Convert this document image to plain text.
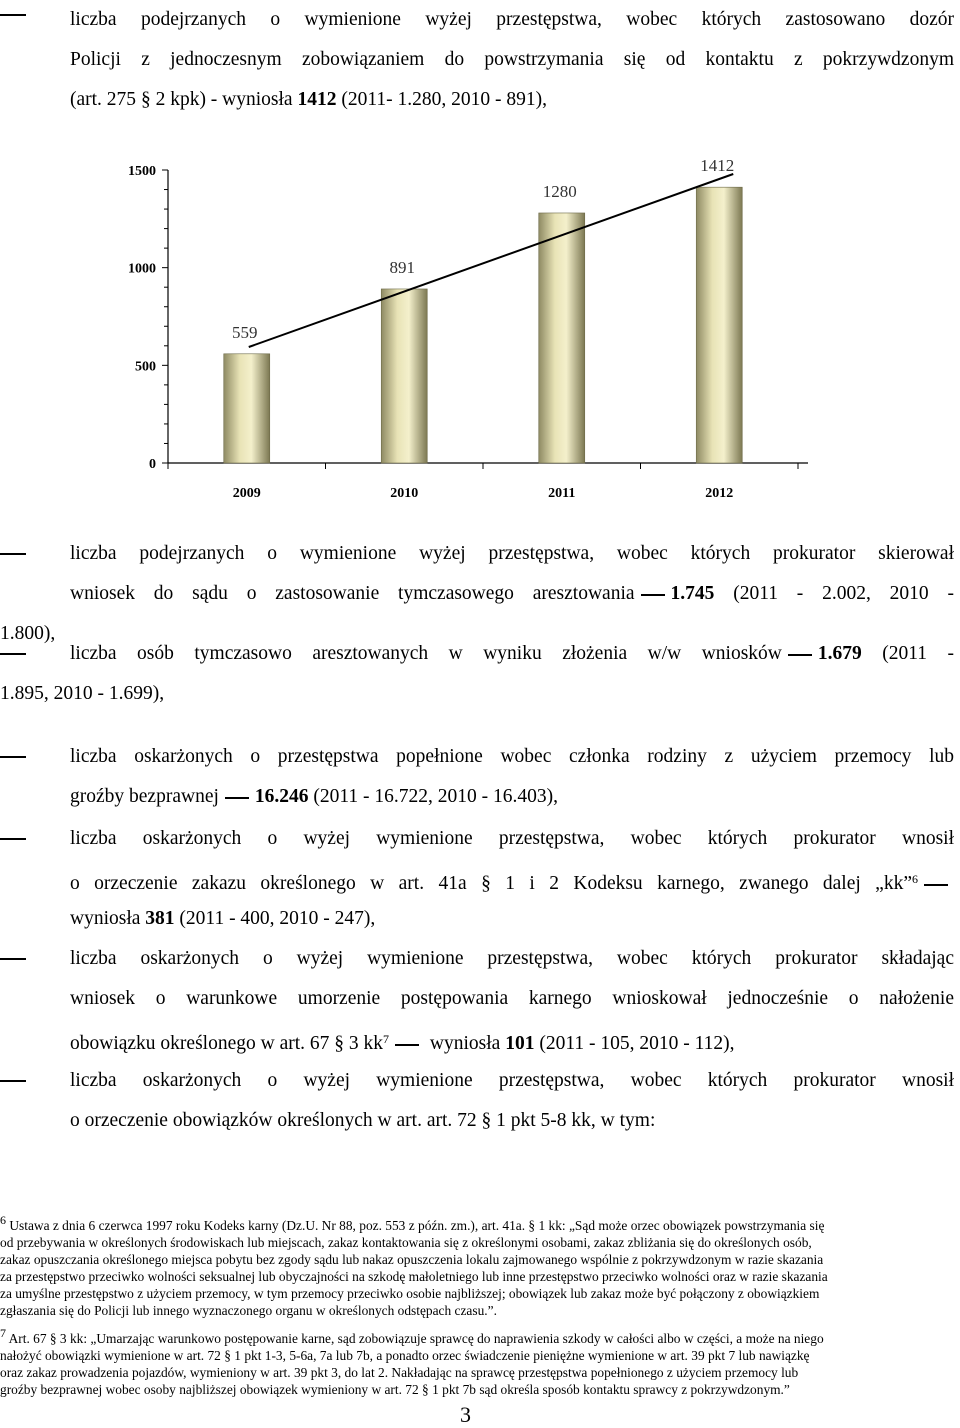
liczba podejrzanych o wymienione wyżej przestępstwa, wobec których zastosowano dozór
Policji z jednoczesnym zobowiązaniem do powstrzymania się od kontaktu z pokrzywdzonym
(art. 275 § 2 kpk) - wyniosła 1412 (2011- 1.280, 2010 - 891),
559
891
1280
1412
2009	2010	2011	2012
0
500
1000
1500
liczba podejrzanych o wymienione wyżej przestępstwa, wobec których prokurator skierował
wniosek do sądu o zastosowanie tymczasowego aresztowania 1.745 (2011 - 2.002, 2010 -
1.800),
liczba osób tymczasowo aresztowanych w wyniku złożenia w/w wniosków 1.679 (2011 -
1.895, 2010 - 1.699),
liczba oskarżonych o przestępstwa popełnione wobec członka rodziny z użyciem przemocy lub
groźby bezprawnej 16.246 (2011 - 16.722, 2010 - 16.403),
liczba oskarżonych o wyżej wymienione przestępstwa, wobec których prokurator wnosił
o orzeczenie zakazu określonego w art. 41a § 1 i 2 Kodeksu karnego, zwanego dalej „kk”$^6$
wyniosła 381 (2011 - 400, 2010 - 247),
liczba oskarżonych o wyżej wymienione przestępstwa, wobec których prokurator składając
wniosek o warunkowe umorzenie postępowania karnego wnioskował jednocześnie o nałożenie
obowiązku określonego w art. 67 § 3 $kk^7$ wyniosła 101 (2011 - 105, 2010 - 112),
liczba oskarżonych o wyżej wymienione przestępstwa, wobec których prokurator wnosił
o orzeczenie obowiązków określonych w art. art. 72 § 1 pkt 5-8 kk, w tym:
6 Ustawa z dnia 6 czerwca 1997 roku Kodeks karny (Dz.U. Nr 88, poz. 553 z późn. zm.), art. 41a. § 1 kk: „Sąd może orzec obowiązek powstrzymania się
od przebywania w określonych środowiskach lub miejscach, zakaz kontaktowania się z określonymi osobami, zakaz zbliżania się do określonych osób,
zakaz opuszczania określonego miejsca pobytu bez zgody sądu lub nakaz opuszczenia lokalu zajmowanego wspólnie z pokrzywdzonym w razie skazania
za przestępstwo przeciwko wolności seksualnej lub obyczajności na szkodę małoletniego lub inne przestępstwo przeciwko wolności oraz w razie skazania
za umyślne przestępstwo z użyciem przemocy, w tym przemocy przeciwko osobie najbliższej; obowiązek lub zakaz może być połączony z obowiązkiem
zgłaszania się do Policji lub innego wyznaczonego organu w określonych odstępach czasu.”.
7 Art. 67 § 3 kk: „Umarzając warunkowo postępowanie karne, sąd zobowiązuje sprawcę do naprawienia szkody w całości albo w części, a może na niego
nałożyć obowiązki wymienione w art. 72 § 1 pkt 1-3, 5-6a, 7a lub 7b, a ponadto orzec świadczenie pieniężne wymienione w art. 39 pkt 7 lub nawiązkę
oraz zakaz prowadzenia pojazdów, wymieniony w art. 39 pkt 3, do lat 2. Nakładając na sprawcę przestępstwa popełnionego z użyciem przemocy lub
groźby bezprawnej wobec osoby najbliższej obowiązek wymieniony w art. 72 § 1 pkt 7b sąd określa sposób kontaktu sprawcy z pokrzywdzonym.”
3
